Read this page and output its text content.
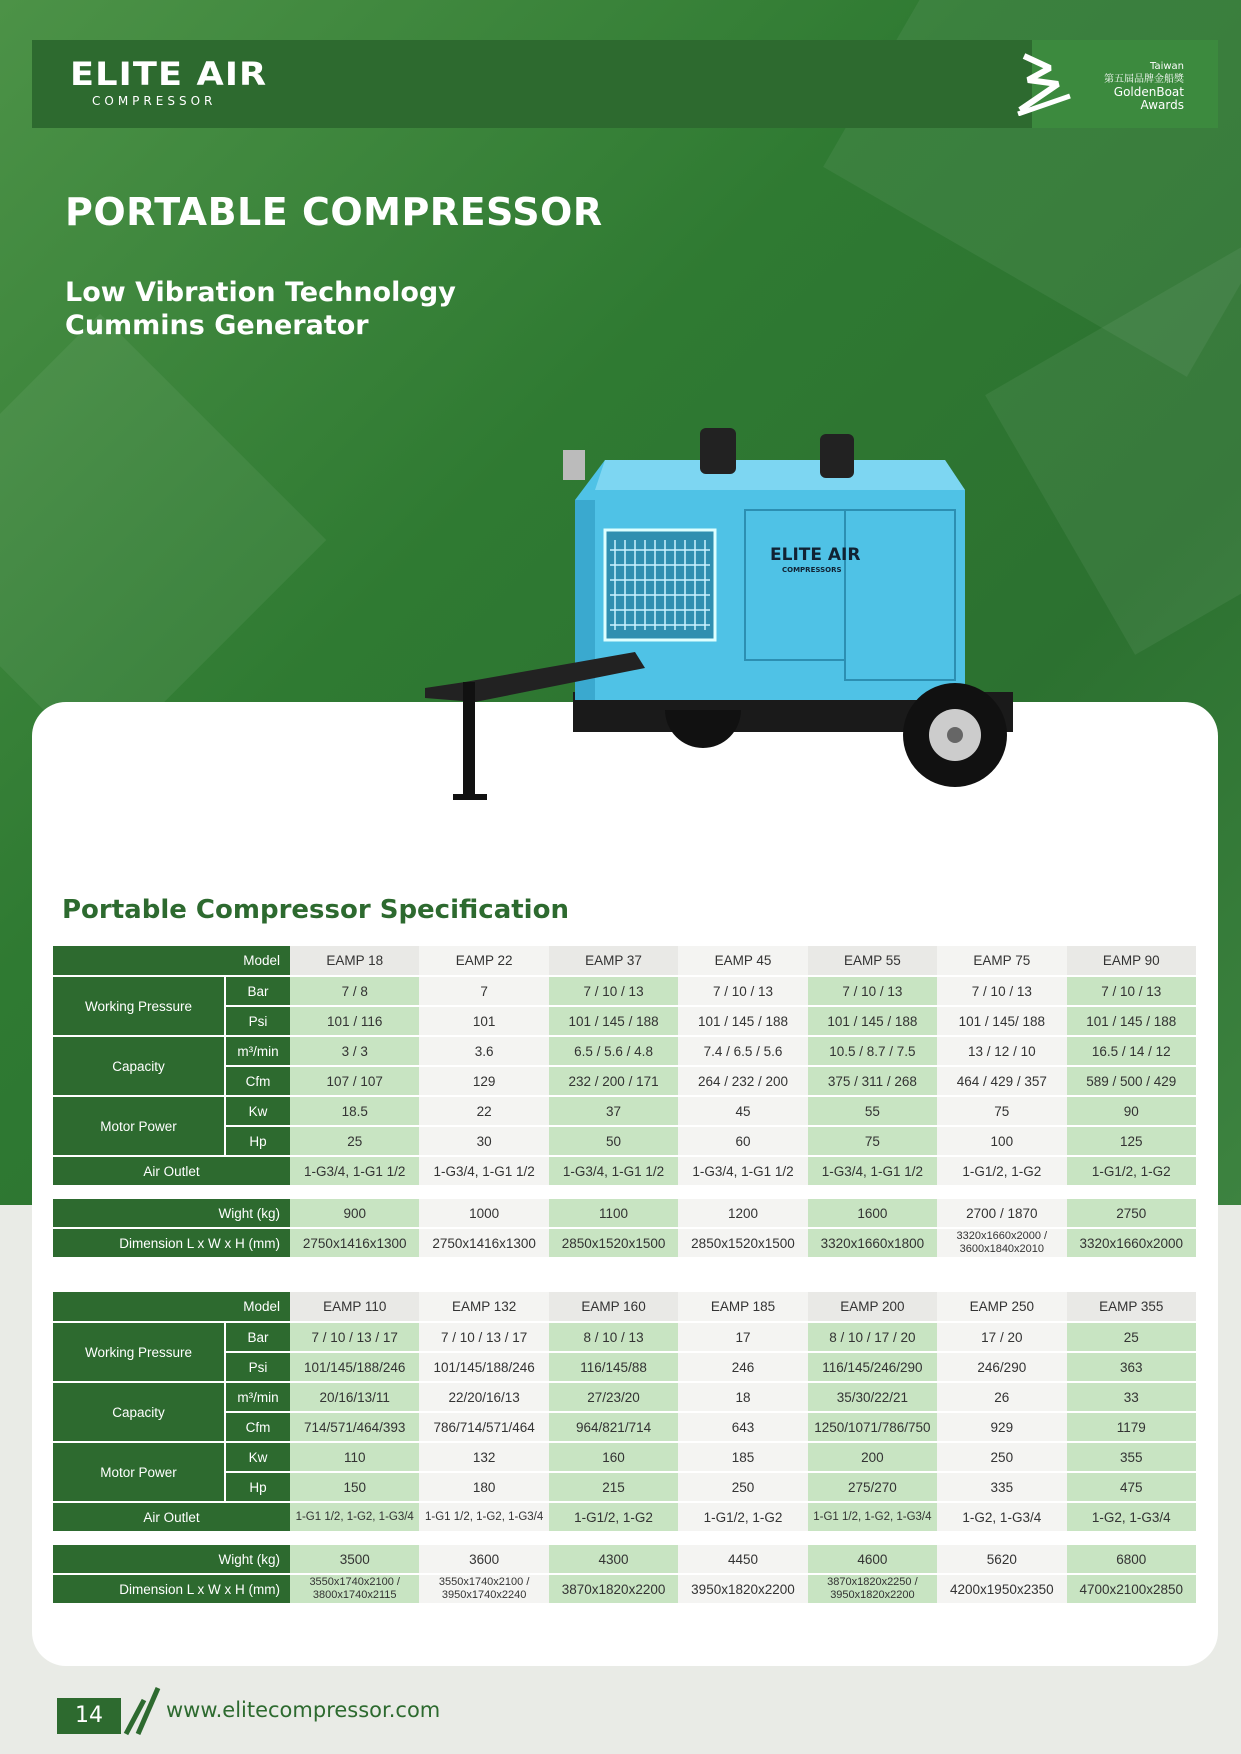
ELITE AIR
COMPRESSOR
Taiwan
第五屆品牌金船獎
GoldenBoat
Awards
PORTABLE COMPRESSOR
Low Vibration Technology
Cummins Generator
ELITE AIR
COMPRESSORS
Portable Compressor Specification
Model		EAMP 18	EAMP 22	EAMP 37	EAMP 45	EAMP 55	EAMP 75	EAMP 90
Working Pressure	Bar	7 / 8	7	7 / 10 / 13	7 / 10 / 13	7 / 10 / 13	7 / 10 / 13	7 / 10 / 13
	Psi	101 / 116	101	101 / 145 / 188	101 / 145 / 188	101 / 145 / 188	101 / 145/ 188	101 / 145 / 188
Capacity	m³/min	3 / 3	3.6	6.5 / 5.6 / 4.8	7.4 / 6.5 / 5.6	10.5 / 8.7 / 7.5	13 / 12 / 10	16.5 / 14 / 12
	Cfm	107 / 107	129	232 / 200 / 171	264 / 232 / 200	375 / 311 / 268	464 / 429 / 357	589 / 500 / 429
Motor Power	Kw	18.5	22	37	45	55	75	90
	Hp	25	30	50	60	75	100	125
Air Outlet		1-G3/4, 1-G1 1/2	1-G3/4, 1-G1 1/2	1-G3/4, 1-G1 1/2	1-G3/4, 1-G1 1/2	1-G3/4, 1-G1 1/2	1-G1/2, 1-G2	1-G1/2, 1-G2

Wight (kg)		900	1000	1100	1200	1600	2700 / 1870	2750
Dimension L x W x H (mm)		2750x1416x1300	2750x1416x1300	2850x1520x1500	2850x1520x1500	3320x1660x1800	3320x1660x2000 / 3600x1840x2010	3320x1660x2000
Model		EAMP 110	EAMP 132	EAMP 160	EAMP 185	EAMP 200	EAMP 250	EAMP 355
Working Pressure	Bar	7 / 10 / 13 / 17	7 / 10 / 13 / 17	8 / 10 / 13	17	8 / 10 / 17 / 20	17 / 20	25
	Psi	101/145/188/246	101/145/188/246	116/145/88	246	116/145/246/290	246/290	363
Capacity	m³/min	20/16/13/11	22/20/16/13	27/23/20	18	35/30/22/21	26	33
	Cfm	714/571/464/393	786/714/571/464	964/821/714	643	1250/1071/786/750	929	1179
Motor Power	Kw	110	132	160	185	200	250	355
	Hp	150	180	215	250	275/270	335	475
Air Outlet		1-G1 1/2, 1-G2, 1-G3/4	1-G1 1/2, 1-G2, 1-G3/4	1-G1/2, 1-G2	1-G1/2, 1-G2	1-G1 1/2, 1-G2, 1-G3/4	1-G2, 1-G3/4	1-G2, 1-G3/4

Wight (kg)		3500	3600	4300	4450	4600	5620	6800
Dimension L x W x H (mm)		3550x1740x2100 / 3800x1740x2115	3550x1740x2100 / 3950x1740x2240	3870x1820x2200	3950x1820x2200	3870x1820x2250 / 3950x1820x2200	4200x1950x2350	4700x2100x2850
14	www.elitecompressor.com
